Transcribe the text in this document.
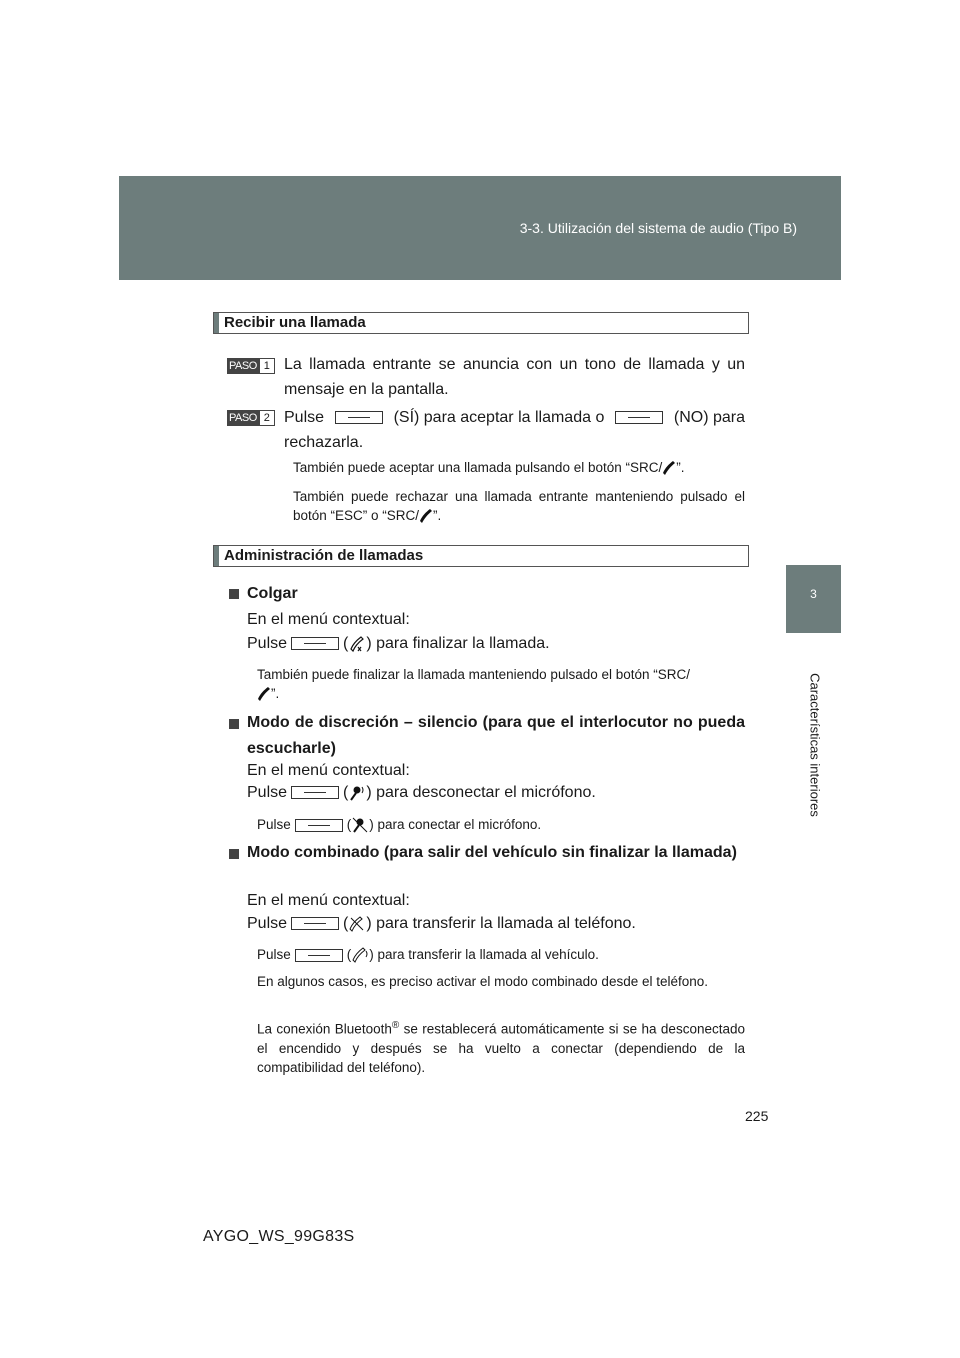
3-3. Utilización del sistema de audio (Tipo B)
3
Características interiores
Recibir una llamada
PASO 1 La llamada entrante se anuncia con un tono de llamada y un mensaje en la pantalla.
PASO 2 Pulse	(SÍ) para aceptar la llamada o	(NO) para
rechazarla.
También puede aceptar una llamada pulsando el botón “SRC/ ”.
También puede rechazar una llamada entrante manteniendo pulsado el botón “ESC” o “SRC/ ”.
Administración de llamadas
Colgar
En el menú contextual:
Pulse	( ) para finalizar la llamada.
También puede finalizar la llamada manteniendo pulsado el botón “SRC/
”.
Modo de discreción – silencio (para que el interlocutor no pueda escucharle)
En el menú contextual:
Pulse	( ) para desconectar el micrófono.
Pulse	( ) para conectar el micrófono.
Modo combinado (para salir del vehículo sin finalizar la llamada)
En el menú contextual:
Pulse	( ) para transferir la llamada al teléfono.
Pulse	( ) para transferir la llamada al vehículo.
En algunos casos, es preciso activar el modo combinado desde el teléfono.
La conexión Bluetooth® se restablecerá automáticamente si se ha desconectado el encendido y después se ha vuelto a conectar (dependiendo de la compatibilidad del teléfono).
225
AYGO_WS_99G83S
